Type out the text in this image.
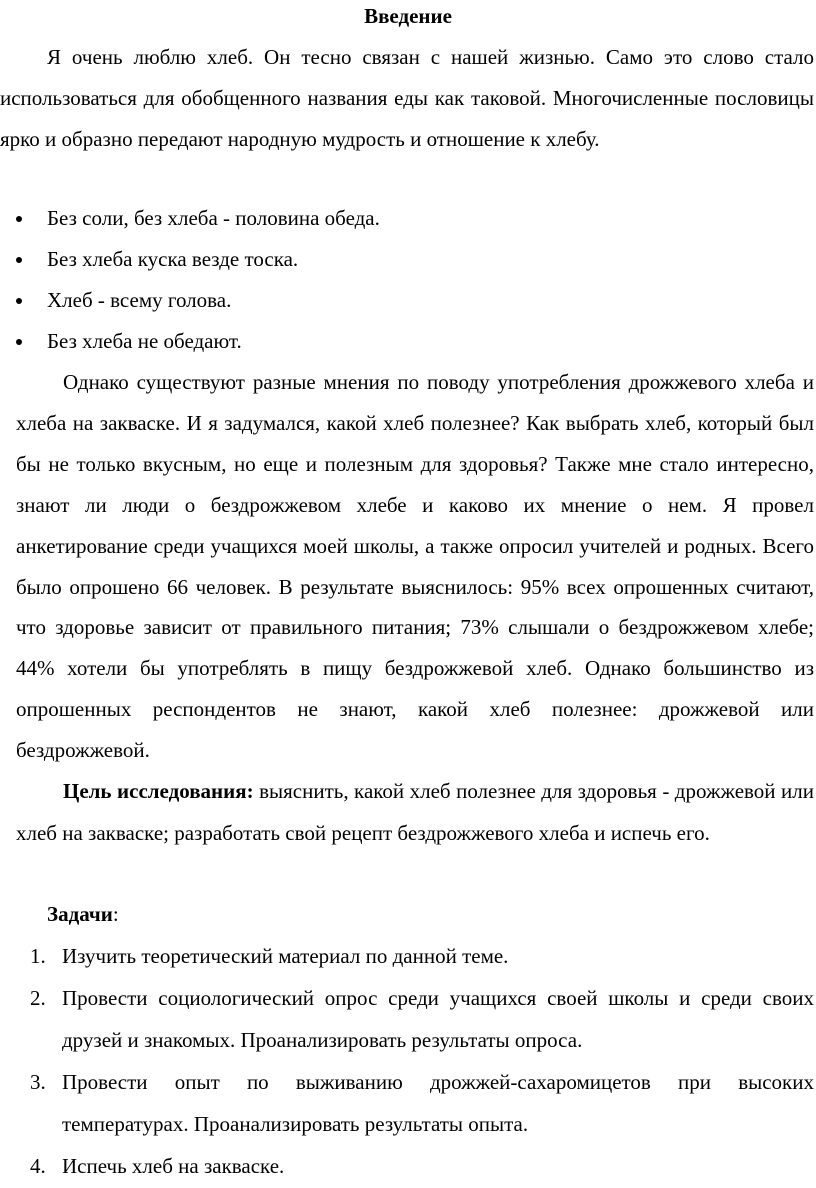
Введение
Я очень люблю хлеб. Он тесно связан с нашей жизнью. Само это слово стало использоваться для обобщенного названия еды как таковой. Многочисленные пословицы ярко и образно передают народную мудрость и отношение к хлебу.
Без соли, без хлеба - половина обеда.
Без хлеба куска везде тоска.
Хлеб - всему голова.
Без хлеба не обедают.
Однако существуют разные мнения по поводу употребления дрожжевого хлеба и хлеба на закваске. И я задумался, какой хлеб полезнее? Как выбрать хлеб, который был бы не только вкусным, но еще и полезным для здоровья? Также мне стало интересно, знают ли люди о бездрожжевом хлебе и каково их мнение о нем. Я провел анкетирование среди учащихся моей школы, а также опросил учителей и родных. Всего было опрошено 66 человек. В результате выяснилось: 95% всех опрошенных считают, что здоровье зависит от правильного питания; 73% слышали о бездрожжевом хлебе; 44% хотели бы употреблять в пищу бездрожжевой хлеб. Однако большинство из опрошенных респондентов не знают, какой хлеб полезнее: дрожжевой или бездрожжевой.
Цель исследования: выяснить, какой хлеб полезнее для здоровья - дрожжевой или хлеб на закваске; разработать свой рецепт бездрожжевого хлеба и испечь его.
Задачи:
1. Изучить теоретический материал по данной теме.
2. Провести социологический опрос среди учащихся своей школы и среди своих друзей и знакомых. Проанализировать результаты опроса.
3. Провести опыт по выживанию дрожжей-сахаромицетов при высоких температурах. Проанализировать результаты опыта.
4. Испечь хлеб на закваске.
